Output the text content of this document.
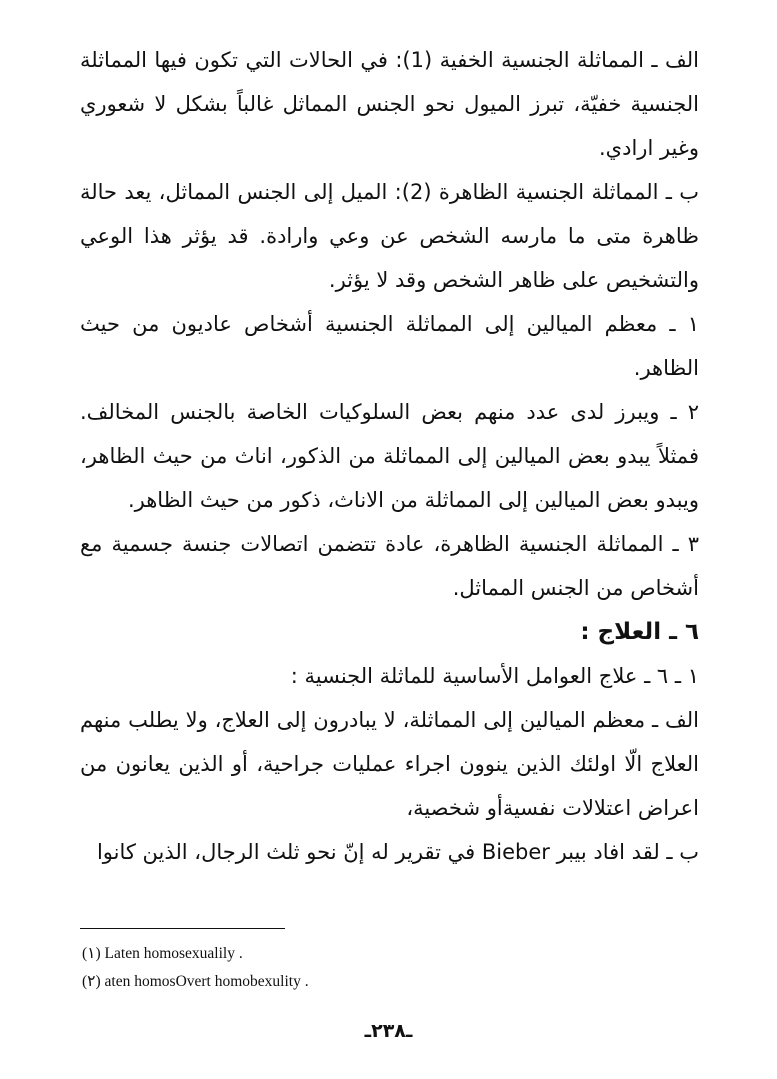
الف ـ المماثلة الجنسية الخفية (1): في الحالات التي تكون فيها المماثلة الجنسية خفيّة، تبرز الميول نحو الجنس المماثل غالباً بشكل لا شعوري وغير ارادي.

ب ـ المماثلة الجنسية الظاهرة (2): الميل إلى الجنس المماثل، يعد حالة ظاهرة متى ما مارسه الشخص عن وعي وارادة. قد يؤثر هذا الوعي والتشخيص على ظاهر الشخص وقد لا يؤثر.

١ ـ معظم الميالين إلى المماثلة الجنسية أشخاص عاديون من حيث الظاهر.

٢ ـ ويبرز لدى عدد منهم بعض السلوكيات الخاصة بالجنس المخالف. فمثلاً يبدو بعض الميالين إلى المماثلة من الذكور، اناث من حيث الظاهر، ويبدو بعض الميالين إلى المماثلة من الاناث، ذكور من حيث الظاهر.

٣ ـ المماثلة الجنسية الظاهرة، عادة تتضمن اتصالات جنسة جسمية مع أشخاص من الجنس المماثل.

٦ ـ العلاج :

١ ـ ٦ ـ علاج العوامل الأساسية للماثلة الجنسية :

الف ـ معظم الميالين إلى المماثلة، لا يبادرون إلى العلاج، ولا يطلب منهم العلاج الّا اولئك الذين ينوون اجراء عمليات جراحية، أو الذين يعانون من اعراض اعتلالات نفسيةأو شخصية،

ب ـ لقد افاد بيبر Bieber في تقرير له إنّ نحو ثلث الرجال، الذين كانوا

(١) Laten homosexualily .

(٢) aten homosOvert homobexulity .

ـ٢٣٨ـ
